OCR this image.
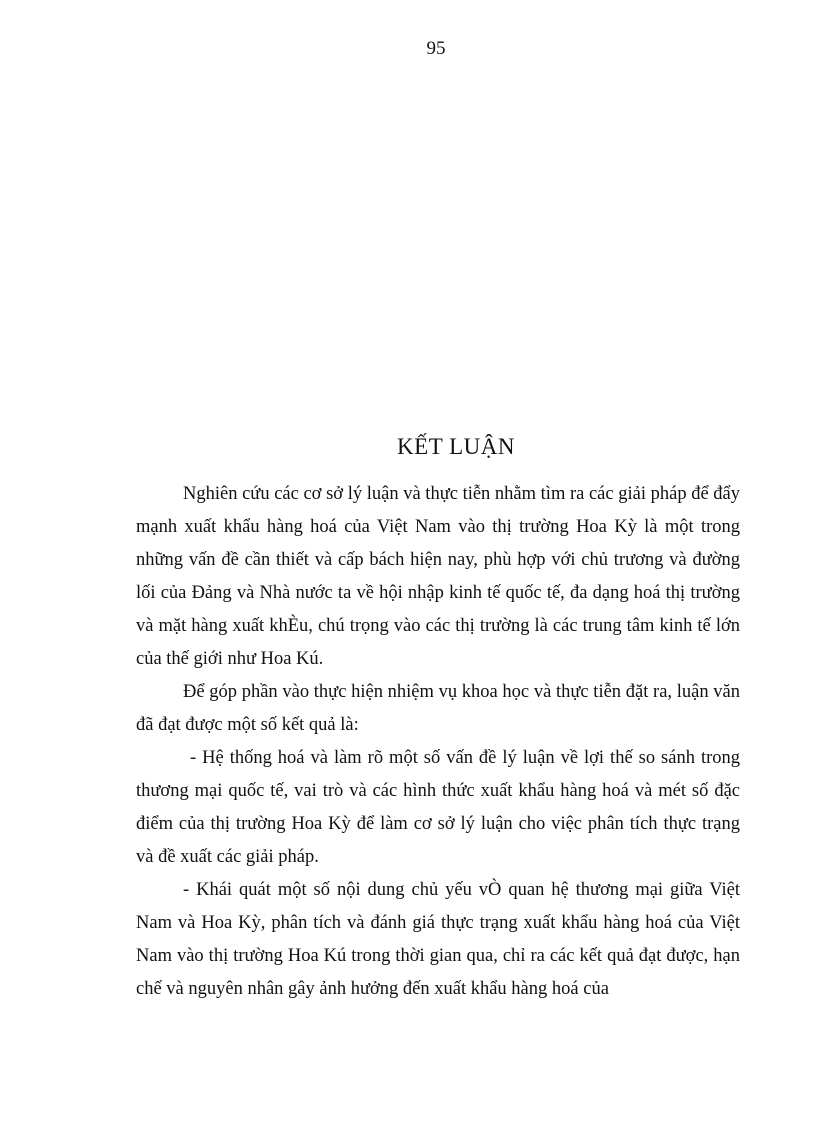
95
KẾT LUẬN

Nghiên cứu các cơ sở lý luận và thực tiễn nhằm tìm ra các giải pháp để đẩy mạnh xuất khẩu hàng hoá của Việt Nam vào thị trường Hoa Kỳ là một trong những vấn đề cần thiết và cấp bách hiện nay, phù hợp với chủ trương và đường lối của Đảng và Nhà nước ta về hội nhập kinh tế quốc tế, đa dạng hoá thị trường và mặt hàng xuất khÈu, chú trọng vào các thị trường là các trung tâm kinh tế lớn của thế giới như Hoa Kú.

Để góp phần vào thực hiện nhiệm vụ khoa học và thực tiễn đặt ra, luận văn đã đạt được một số kết quả là:

- Hệ thống hoá và làm rõ một số vấn đề lý luận về lợi thế so sánh trong thương mại quốc tế, vai trò và các hình thức xuất khẩu hàng hoá và mét số đặc điểm của thị trường Hoa Kỳ để làm cơ sở lý luận cho việc phân tích thực trạng và đề xuất các giải pháp.

- Khái quát một số nội dung chủ yếu vÒ quan hệ thương mại giữa Việt Nam và Hoa Kỳ, phân tích và đánh giá thực trạng xuất khẩu hàng hoá của Việt Nam vào thị trường Hoa Kú trong thời gian qua, chỉ ra các kết quả đạt được, hạn chế và nguyên nhân gây ảnh hưởng đến xuất khẩu hàng hoá của
